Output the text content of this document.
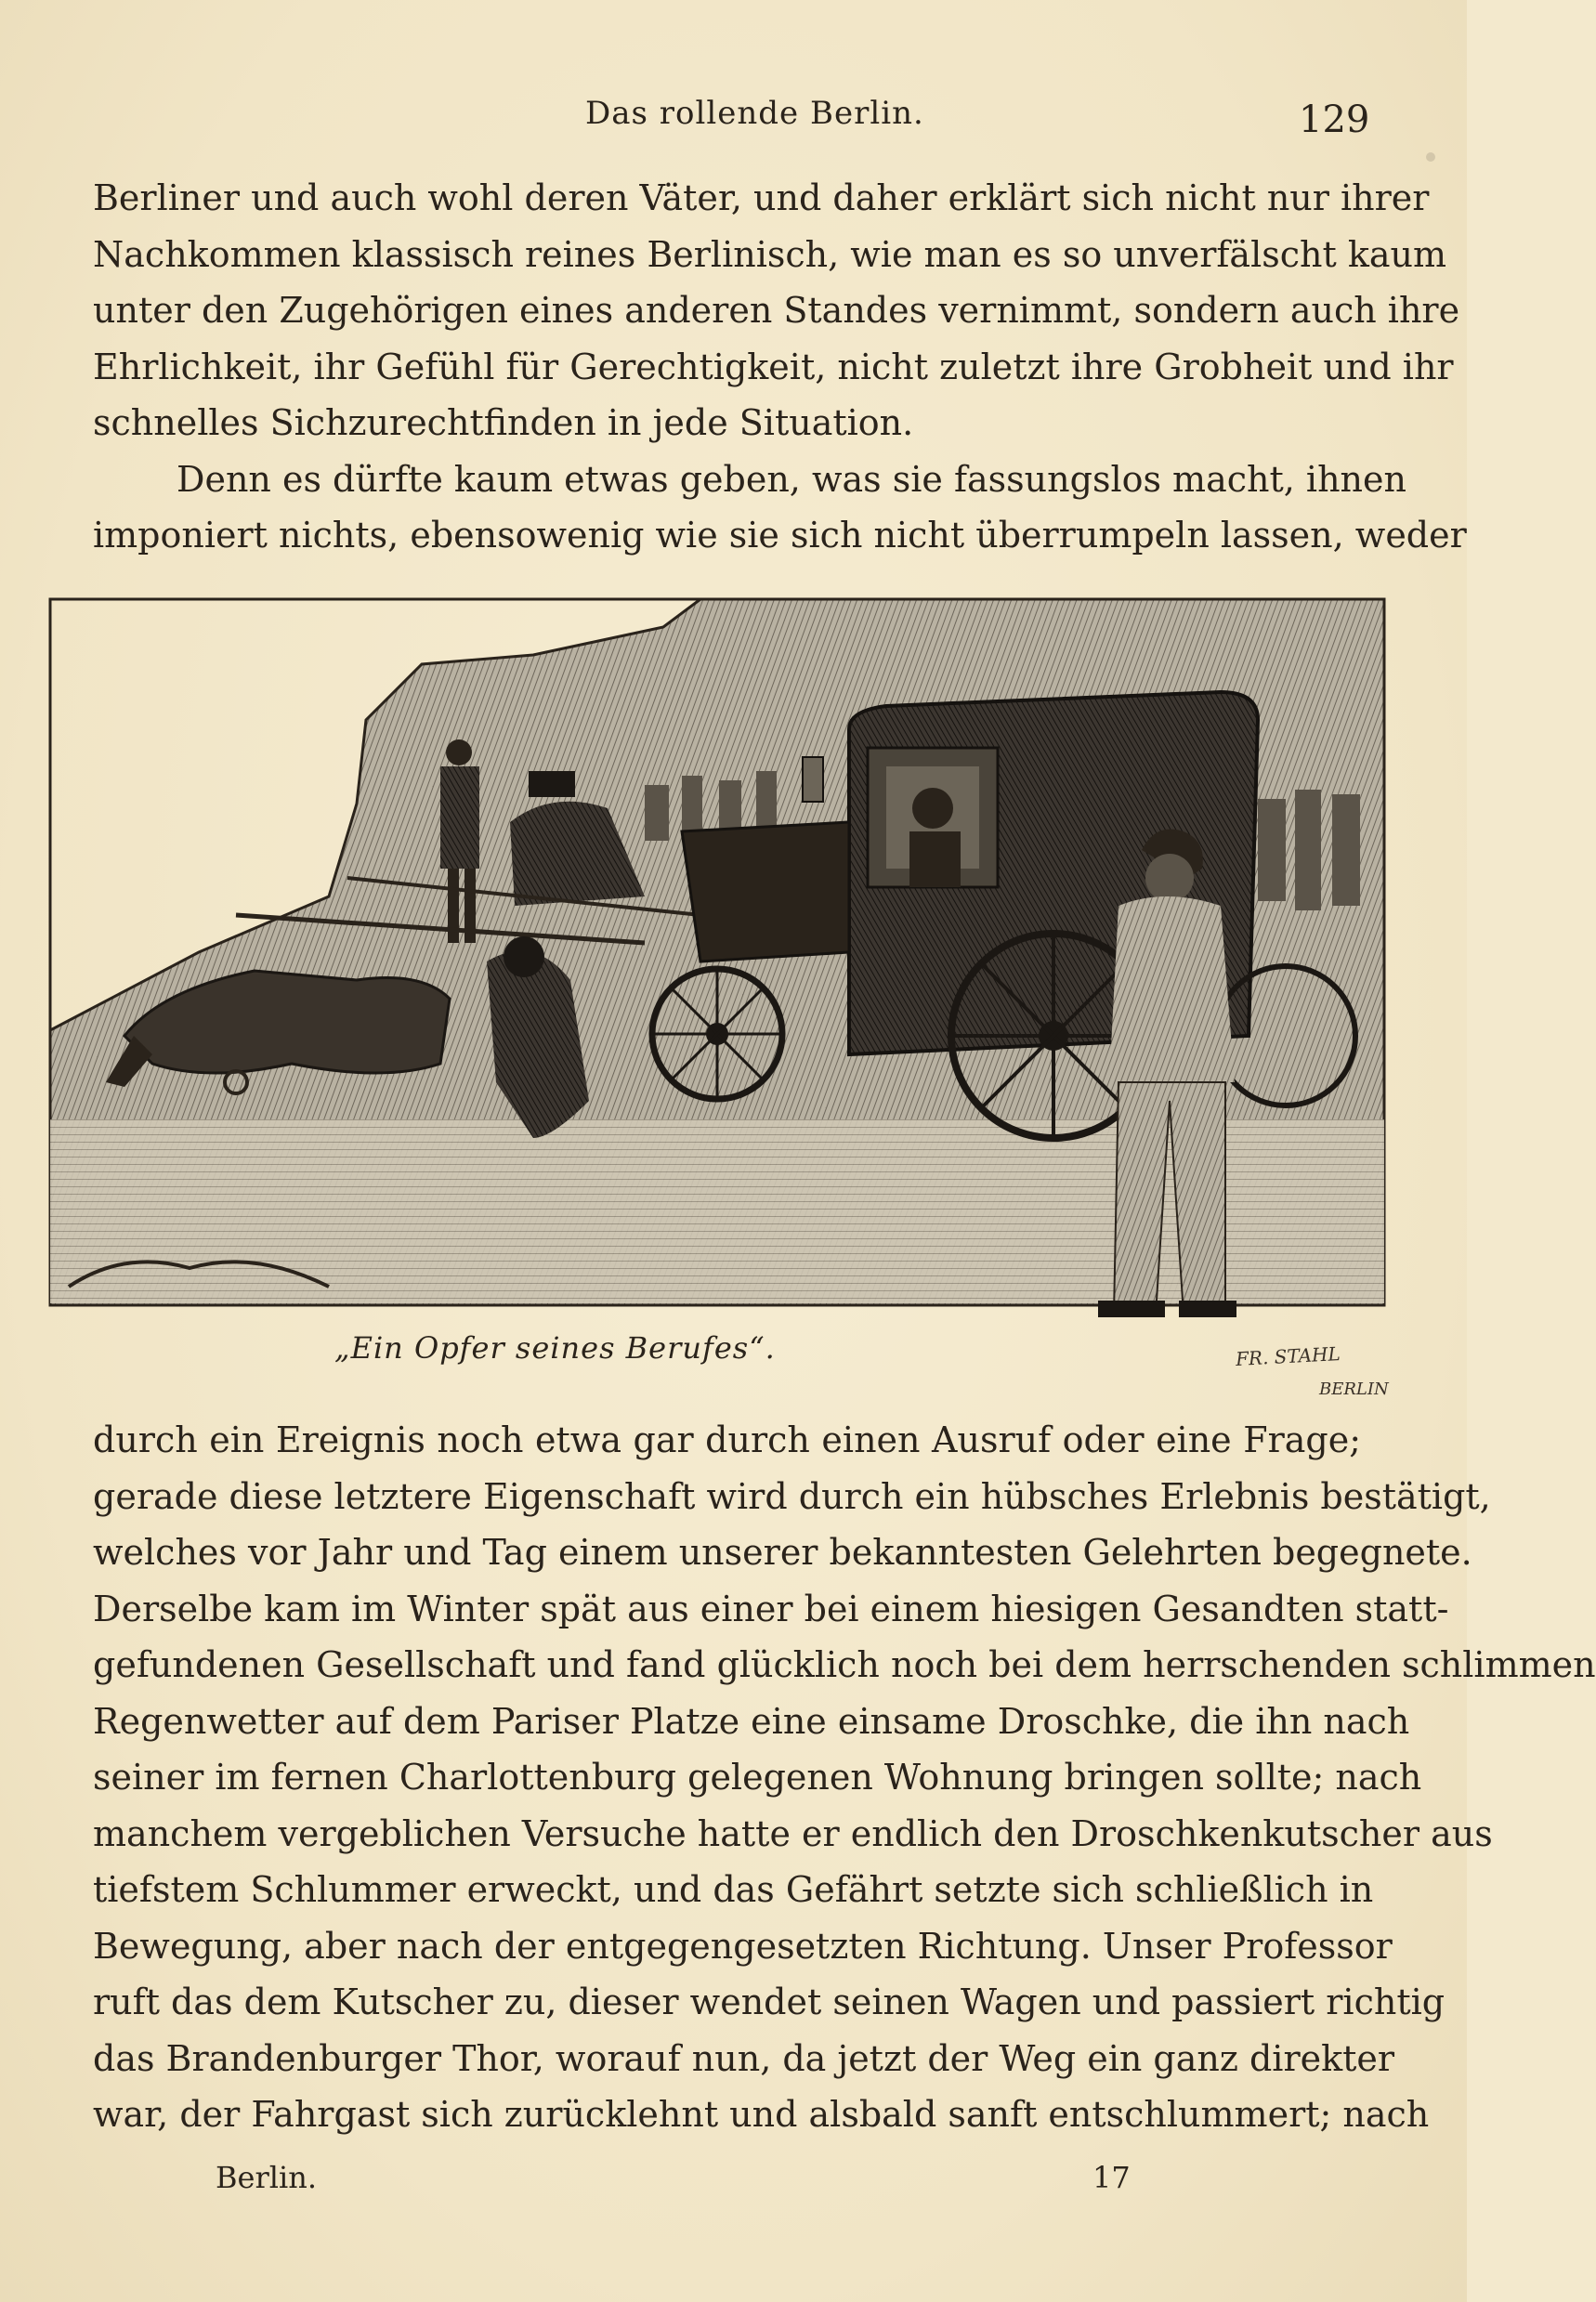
Das rollende Berlin.	129
Berliner und auch wohl deren Väter, und daher erklärt sich nicht nur ihrer
Nachkommen klassisch reines Berlinisch, wie man es so unverfälscht kaum
unter den Zugehörigen eines anderen Standes vernimmt, sondern auch ihre
Ehrlichkeit, ihr Gefühl für Gerechtigkeit, nicht zuletzt ihre Grobheit und ihr
schnelles Sichzurechtfinden in jede Situation.
Denn es dürfte kaum etwas geben, was sie fassungslos macht, ihnen
imponiert nichts, ebensowenig wie sie sich nicht überrumpeln lassen, weder
„Ein Opfer seines Berufes“.	FR. STAHL
BERLIN
durch ein Ereignis noch etwa gar durch einen Ausruf oder eine Frage;
gerade diese letztere Eigenschaft wird durch ein hübsches Erlebnis bestätigt,
welches vor Jahr und Tag einem unserer bekanntesten Gelehrten begegnete.
Derselbe kam im Winter spät aus einer bei einem hiesigen Gesandten statt-
gefundenen Gesellschaft und fand glücklich noch bei dem herrschenden schlimmen
Regenwetter auf dem Pariser Platze eine einsame Droschke, die ihn nach
seiner im fernen Charlottenburg gelegenen Wohnung bringen sollte; nach
manchem vergeblichen Versuche hatte er endlich den Droschkenkutscher aus
tiefstem Schlummer erweckt, und das Gefährt setzte sich schließlich in
Bewegung, aber nach der entgegengesetzten Richtung. Unser Professor
ruft das dem Kutscher zu, dieser wendet seinen Wagen und passiert richtig
das Brandenburger Thor, worauf nun, da jetzt der Weg ein ganz direkter
war, der Fahrgast sich zurücklehnt und alsbald sanft entschlummert; nach
Berlin.	17
